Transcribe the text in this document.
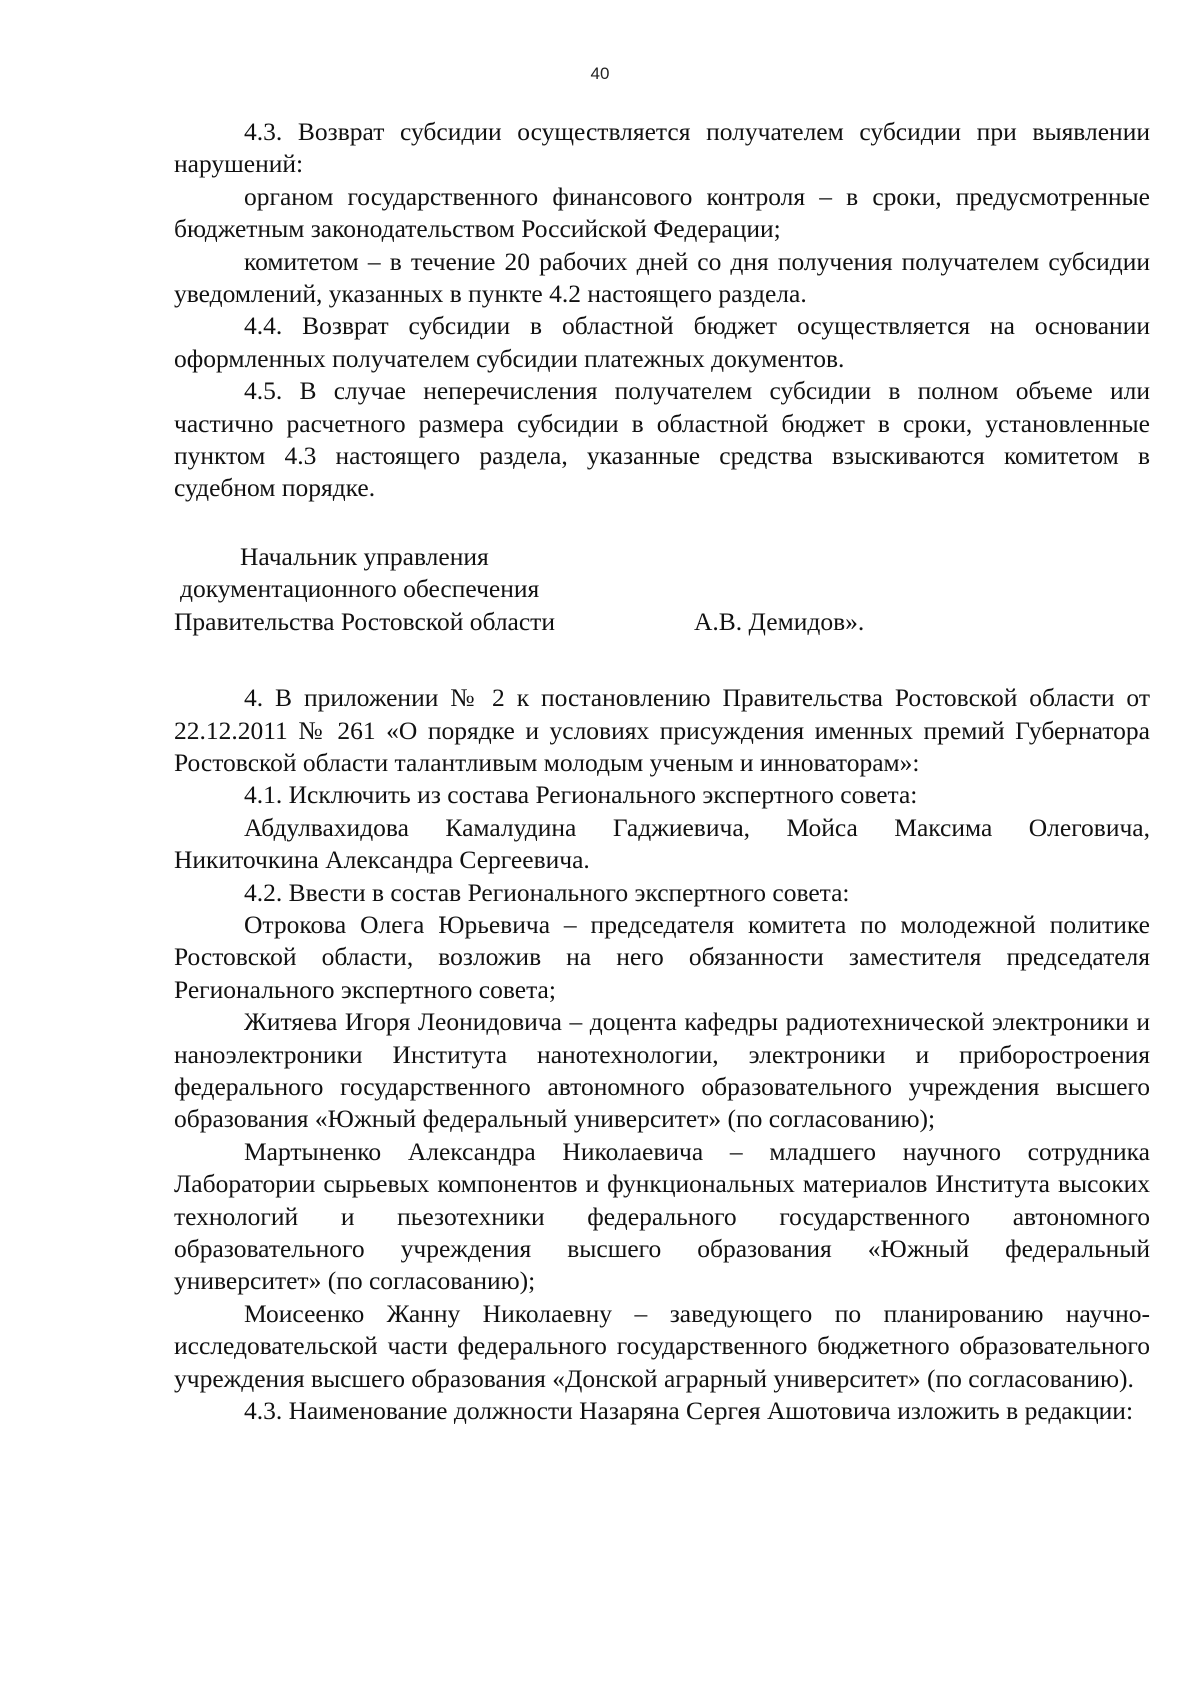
40

4.3. Возврат субсидии осуществляется получателем субсидии при выявлении нарушений:

органом государственного финансового контроля – в сроки, предусмотренные бюджетным законодательством Российской Федерации;

комитетом – в течение 20 рабочих дней со дня получения получателем субсидии уведомлений, указанных в пункте 4.2 настоящего раздела.

4.4. Возврат субсидии в областной бюджет осуществляется на основании оформленных получателем субсидии платежных документов.

4.5. В случае неперечисления получателем субсидии в полном объеме или частично расчетного размера субсидии в областной бюджет в сроки, установленные пунктом 4.3 настоящего раздела, указанные средства взыскиваются комитетом в судебном порядке.

Начальник управления
документационного обеспечения
Правительства Ростовской области	А.В. Демидов».

4. В приложении № 2 к постановлению Правительства Ростовской области от 22.12.2011 № 261 «О порядке и условиях присуждения именных премий Губернатора Ростовской области талантливым молодым ученым и инноваторам»:

4.1. Исключить из состава Регионального экспертного совета:

Абдулвахидова Камалудина Гаджиевича, Мойса Максима Олеговича, Никиточкина Александра Сергеевича.

4.2. Ввести в состав Регионального экспертного совета:

Отрокова Олега Юрьевича – председателя комитета по молодежной политике Ростовской области, возложив на него обязанности заместителя председателя Регионального экспертного совета;

Житяева Игоря Леонидовича – доцента кафедры радиотехнической электроники и наноэлектроники Института нанотехнологии, электроники и приборостроения федерального государственного автономного образовательного учреждения высшего образования «Южный федеральный университет» (по согласованию);

Мартыненко Александра Николаевича – младшего научного сотрудника Лаборатории сырьевых компонентов и функциональных материалов Института высоких технологий и пьезотехники федерального государственного автономного образовательного учреждения высшего образования «Южный федеральный университет» (по согласованию);

Моисеенко Жанну Николаевну – заведующего по планированию научно-исследовательской части федерального государственного бюджетного образовательного учреждения высшего образования «Донской аграрный университет» (по согласованию).

4.3. Наименование должности Назаряна Сергея Ашотовича изложить в редакции:
